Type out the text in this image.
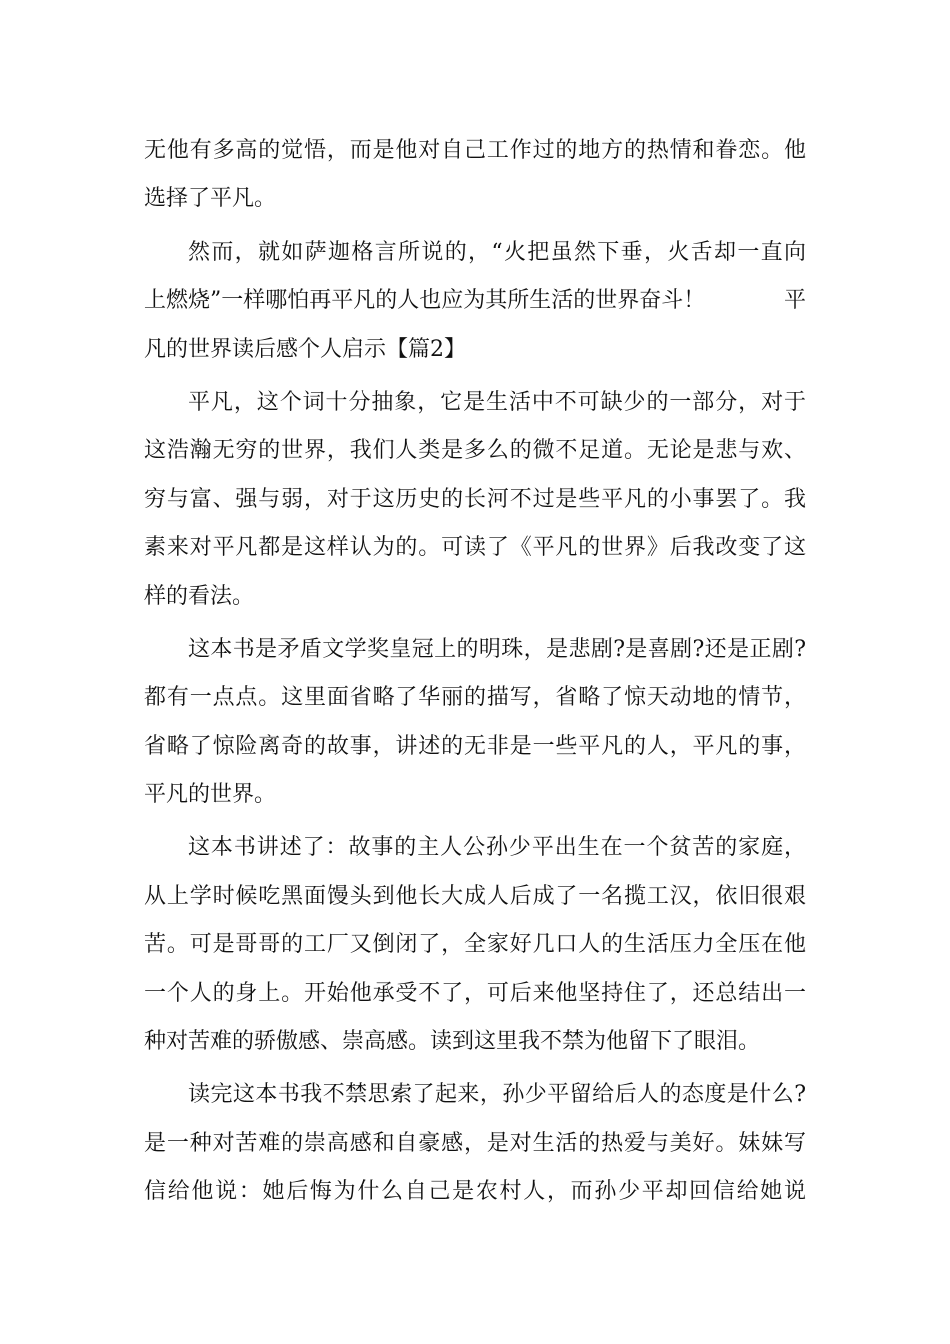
无他有多高的觉悟，而是他对自己工作过的地方的热情和眷恋。他
选择了平凡。
然而，就如萨迦格言所说的，“火把虽然下垂，火舌却一直向
上燃烧”一样哪怕再平凡的人也应为其所生活的世界奋斗！	平
凡的世界读后感个人启示【篇2】
平凡，这个词十分抽象，它是生活中不可缺少的一部分，对于
这浩瀚无穷的世界，我们人类是多么的微不足道。无论是悲与欢、
穷与富、强与弱，对于这历史的长河不过是些平凡的小事罢了。我
素来对平凡都是这样认为的。可读了《平凡的世界》后我改变了这
样的看法。
这本书是矛盾文学奖皇冠上的明珠，是悲剧?是喜剧?还是正剧?
都有一点点。这里面省略了华丽的描写，省略了惊天动地的情节，
省略了惊险离奇的故事，讲述的无非是一些平凡的人，平凡的事，
平凡的世界。
这本书讲述了：故事的主人公孙少平出生在一个贫苦的家庭，
从上学时候吃黑面馒头到他长大成人后成了一名揽工汉，依旧很艰
苦。可是哥哥的工厂又倒闭了，全家好几口人的生活压力全压在他
一个人的身上。开始他承受不了，可后来他坚持住了，还总结出一
种对苦难的骄傲感、崇高感。读到这里我不禁为他留下了眼泪。
读完这本书我不禁思索了起来，孙少平留给后人的态度是什么?
是一种对苦难的崇高感和自豪感，是对生活的热爱与美好。妹妹写
信给他说：她后悔为什么自己是农村人，而孙少平却回信给她说
